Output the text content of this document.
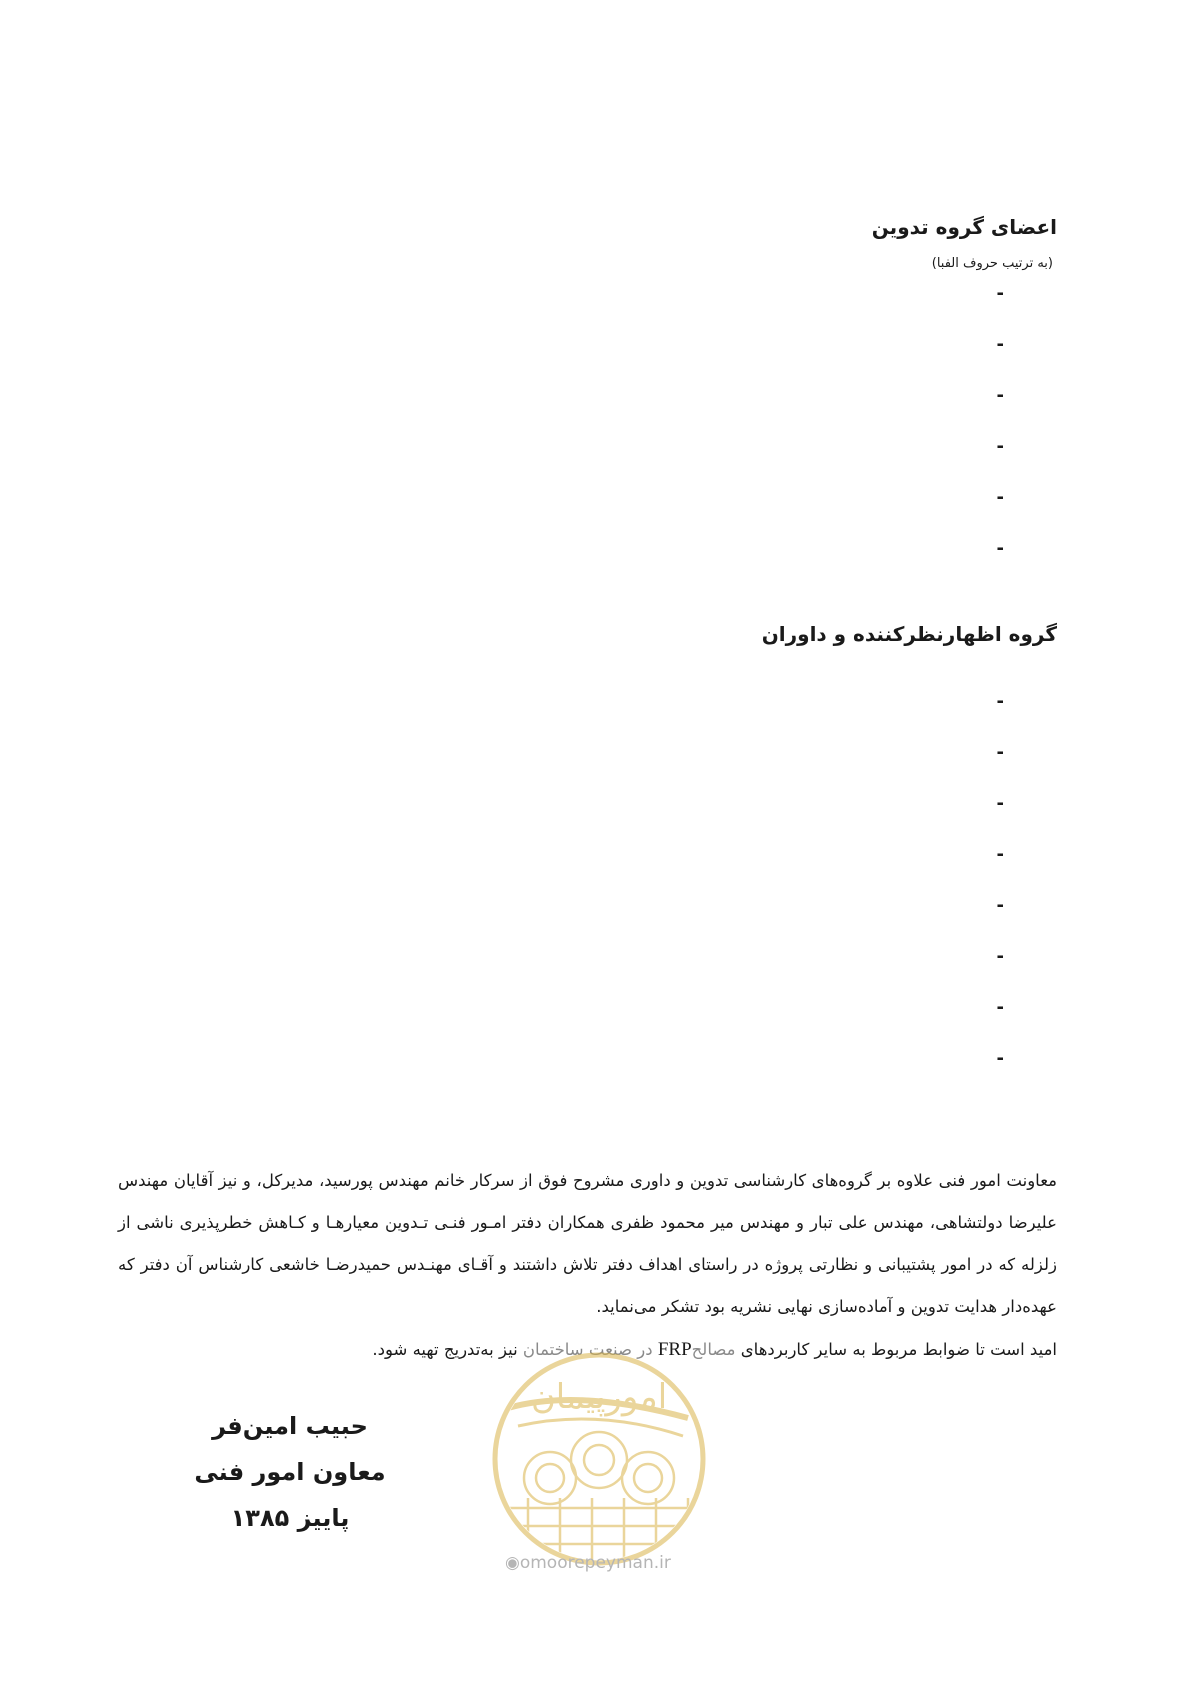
اعضای گروه تدوین
(به ترتیب حروف الفبا)
-
-
-
-
-
-
گروه اظهارنظرکننده و داوران
-
-
-
-
-
-
-
-

معاونت امور فنی علاوه بر گروه‌های کارشناسی تدوین و داوری مشروح فوق از سرکار خانم مهندس پورسید، مدیرکل، و نیز آقایان مهندس علیرضا دولتشاهی، مهندس علی تبار و مهندس میر محمود ظفری همکاران دفتر امـور فنـی تـدوین معیارهـا و کـاهش خطرپذیری ناشی از زلزله که در امور پشتیبانی و نظارتی پروژه در راستای اهداف دفتر تلاش داشتند و آقـای مهنـدس حمیدرضـا خاشعی کارشناس آن دفتر که عهده‌دار هدایت تدوین و آماده‌سازی نهایی نشریه بود تشکر می‌نماید.

امید است تا ضوابط مربوط به سایر کاربردهای مصالحFRP در صنعت ساختمان نیز به‌تدریج تهیه شود.

امورپیمان
◉omoorepeyman.ir
حبیب امین‌فر
معاون امور فنی
پاییز ۱۳۸۵
